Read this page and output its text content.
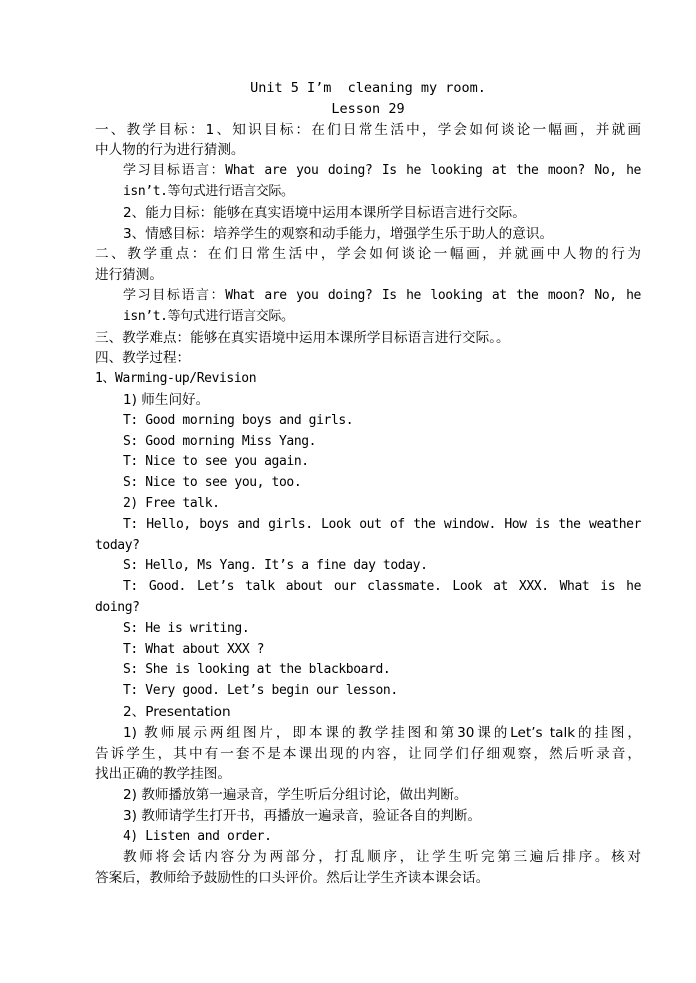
Unit 5 I’m  cleaning my room.
Lesson 29
一、教学目标：1、知识目标：在们日常生活中，学会如何谈论一幅画，并就画
中人物的行为进行猜测。
学习目标语言：What are you doing? Is he looking at the moon? No, he
isn’t.等句式进行语言交际。
2、能力目标：能够在真实语境中运用本课所学目标语言进行交际。
3、情感目标：培养学生的观察和动手能力，增强学生乐于助人的意识。
二、教学重点：在们日常生活中，学会如何谈论一幅画，并就画中人物的行为
进行猜测。
学习目标语言：What are you doing? Is he looking at the moon? No, he
isn’t.等句式进行语言交际。
三、教学难点：能够在真实语境中运用本课所学目标语言进行交际。。
四、教学过程：
1、Warming-up/Revision
1) 师生问好。
T: Good morning boys and girls.
S: Good morning Miss Yang.
T: Nice to see you again.
S: Nice to see you, too.
2) Free talk.
T: Hello, boys and girls. Look out of the window. How is the weather
today?
S: Hello, Ms Yang. It’s a fine day today.
T: Good. Let’s talk about our classmate. Look at XXX. What is he
doing?
S: He is writing.
T: What about XXX ?
S: She is looking at the blackboard.
T: Very good. Let’s begin our lesson.
2、Presentation
1) 教师展示两组图片，即本课的教学挂图和第30课的Let’s talk的挂图，
告诉学生，其中有一套不是本课出现的内容，让同学们仔细观察，然后听录音，
找出正确的教学挂图。
2) 教师播放第一遍录音，学生听后分组讨论，做出判断。
3) 教师请学生打开书，再播放一遍录音，验证各自的判断。
4) Listen and order.
教师将会话内容分为两部分，打乱顺序，让学生听完第三遍后排序。核对
答案后，教师给予鼓励性的口头评价。然后让学生齐读本课会话。
